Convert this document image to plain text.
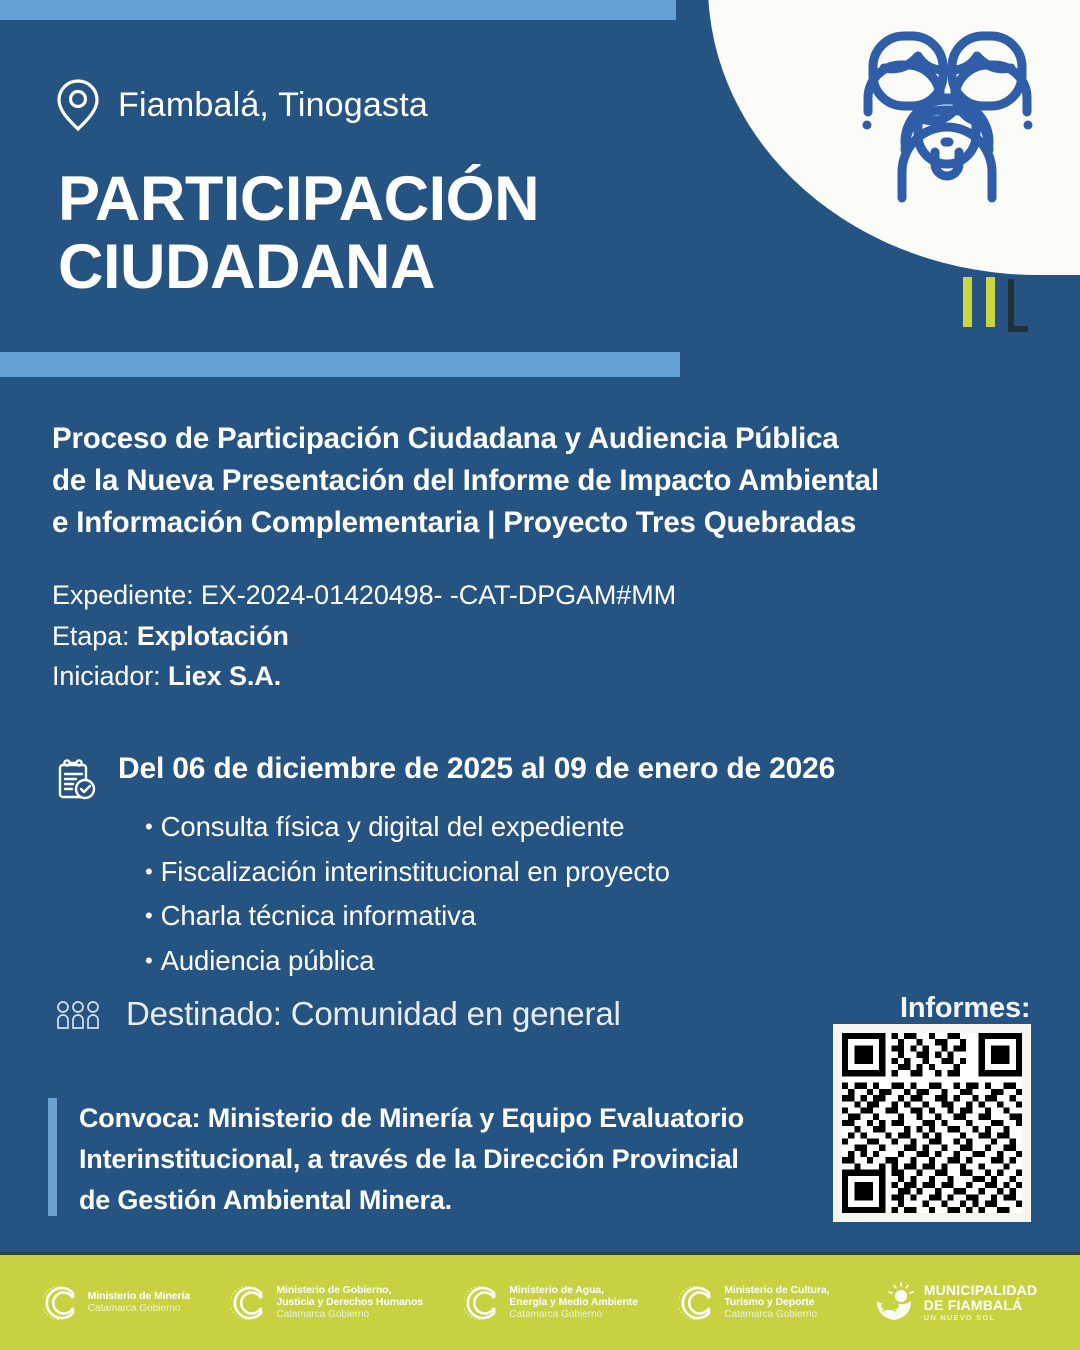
Fiambalá, Tinogasta
PARTICIPACIÓN
CIUDADANA
Proceso de Participación Ciudadana y Audiencia Pública
de la Nueva Presentación del Informe de Impacto Ambiental
e Información Complementaria | Proyecto Tres Quebradas
Expediente: EX-2024-01420498- -CAT-DPGAM#MM
Etapa: Explotación
Iniciador: Liex S.A.
Del 06 de diciembre de 2025 al 09 de enero de 2026
• Consulta física y digital del expediente
• Fiscalización interinstitucional en proyecto
• Charla técnica informativa
• Audiencia pública
Destinado: Comunidad en general
Convoca: Ministerio de Minería y Equipo Evaluatorio
Interinstitucional, a través de la Dirección Provincial
de Gestión Ambiental Minera.
Informes:
Ministerio de Minería
Catamarca Gobierno
Ministerio de Gobierno,
Justicia y Derechos Humanos
Catamarca Gobierno
Ministerio de Agua,
Energía y Medio Ambiente
Catamarca Gobierno
Ministerio de Cultura,
Turismo y Deporte
Catamarca Gobierno
MUNICIPALIDAD
DE FIAMBALÁ
UN NUEVO SOL
